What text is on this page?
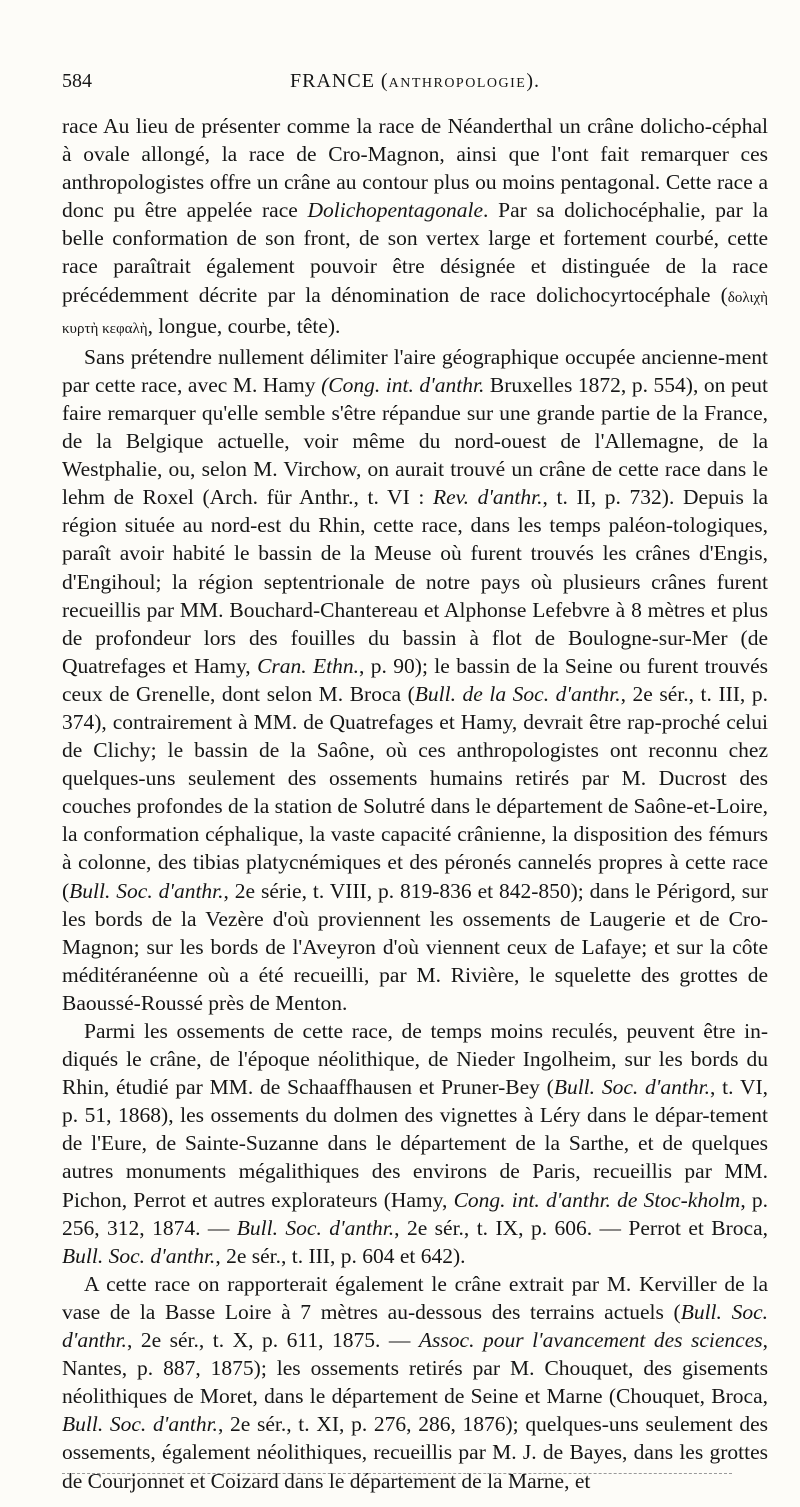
584	FRANCE (ANTHROPOLOGIE).

race Au lieu de présenter comme la race de Néanderthal un crâne dolicho-céphal à ovale allongé, la race de Cro-Magnon, ainsi que l'ont fait remarquer ces anthropologistes offre un crâne au contour plus ou moins pentagonal. Cette race a donc pu être appelée race Dolichopentagonale. Par sa dolichocéphalie, par la belle conformation de son front, de son vertex large et fortement courbé, cette race paraîtrait également pouvoir être désignée et distinguée de la race précédemment décrite par la dénomination de race dolichocyrtocéphale (δολιχὴ κυρτὴ κεφαλὴ, longue, courbe, tête).

Sans prétendre nullement délimiter l'aire géographique occupée ancienne-ment par cette race, avec M. Hamy (Cong. int. d'anthr. Bruxelles 1872, p. 554), on peut faire remarquer qu'elle semble s'être répandue sur une grande partie de la France, de la Belgique actuelle, voir même du nord-ouest de l'Allemagne, de la Westphalie, ou, selon M. Virchow, on aurait trouvé un crâne de cette race dans le lehm de Roxel (Arch. für Anthr., t. VI : Rev. d'anthr., t. II, p. 732). Depuis la région située au nord-est du Rhin, cette race, dans les temps paléon-tologiques, paraît avoir habité le bassin de la Meuse où furent trouvés les crânes d'Engis, d'Engihoul; la région septentrionale de notre pays où plusieurs crânes furent recueillis par MM. Bouchard-Chantereau et Alphonse Lefebvre à 8 mètres et plus de profondeur lors des fouilles du bassin à flot de Boulogne-sur-Mer (de Quatrefages et Hamy, Cran. Ethn., p. 90); le bassin de la Seine ou furent trouvés ceux de Grenelle, dont selon M. Broca (Bull. de la Soc. d'anthr., 2e sér., t. III, p. 374), contrairement à MM. de Quatrefages et Hamy, devrait être rap-proché celui de Clichy; le bassin de la Saône, où ces anthropologistes ont reconnu chez quelques-uns seulement des ossements humains retirés par M. Ducrost des couches profondes de la station de Solutré dans le département de Saône-et-Loire, la conformation céphalique, la vaste capacité crânienne, la disposition des fémurs à colonne, des tibias platycnémiques et des péronés cannelés propres à cette race (Bull. Soc. d'anthr., 2e série, t. VIII, p. 819-836 et 842-850); dans le Périgord, sur les bords de la Vezère d'où proviennent les ossements de Laugerie et de Cro-Magnon; sur les bords de l'Aveyron d'où viennent ceux de Lafaye; et sur la côte méditéranéenne où a été recueilli, par M. Rivière, le squelette des grottes de Baoussé-Roussé près de Menton.

Parmi les ossements de cette race, de temps moins reculés, peuvent être in-diqués le crâne, de l'époque néolithique, de Nieder Ingolheim, sur les bords du Rhin, étudié par MM. de Schaaffhausen et Pruner-Bey (Bull. Soc. d'anthr., t. VI, p. 51, 1868), les ossements du dolmen des vignettes à Léry dans le dépar-tement de l'Eure, de Sainte-Suzanne dans le département de la Sarthe, et de quelques autres monuments mégalithiques des environs de Paris, recueillis par MM. Pichon, Perrot et autres explorateurs (Hamy, Cong. int. d'anthr. de Stoc-kholm, p. 256, 312, 1874. — Bull. Soc. d'anthr., 2e sér., t. IX, p. 606. — Perrot et Broca, Bull. Soc. d'anthr., 2e sér., t. III, p. 604 et 642).

A cette race on rapporterait également le crâne extrait par M. Kerviller de la vase de la Basse Loire à 7 mètres au-dessous des terrains actuels (Bull. Soc. d'anthr., 2e sér., t. X, p. 611, 1875. — Assoc. pour l'avancement des sciences, Nantes, p. 887, 1875); les ossements retirés par M. Chouquet, des gisements néolithiques de Moret, dans le département de Seine et Marne (Chouquet, Broca, Bull. Soc. d'anthr., 2e sér., t. XI, p. 276, 286, 1876); quelques-uns seulement des ossements, également néolithiques, recueillis par M. J. de Bayes, dans les grottes de Courjonnet et Coizard dans le département de la Marne, et
